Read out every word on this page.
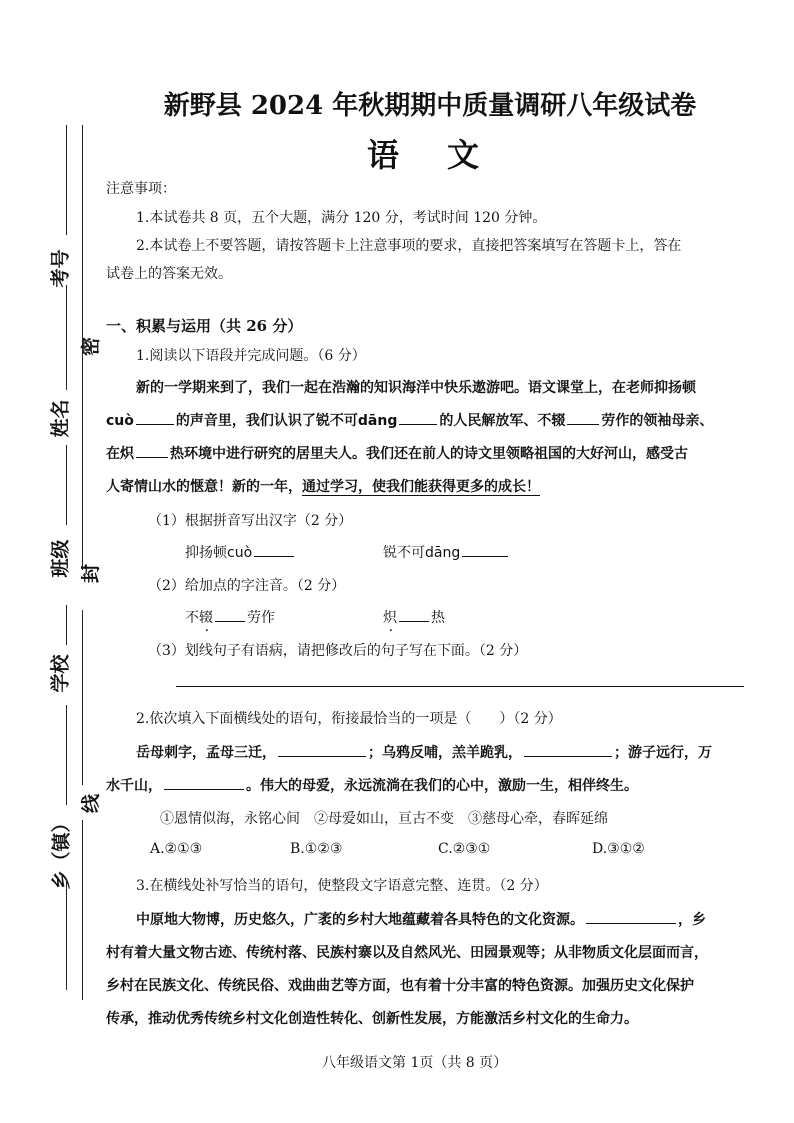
考号
密
姓名
班级 封
学校
线
乡（镇）
新野县 2024 年秋期期中质量调研八年级试卷
语文
注意事项：
1.本试卷共 8 页，五个大题，满分 120 分，考试时间 120 分钟。
2.本试卷上不要答题，请按答题卡上注意事项的要求，直接把答案填写在答题卡上，答在
试卷上的答案无效。
一、积累与运用（共 26 分）
1.阅读以下语段并完成问题。（6 分）
新的一学期来到了，我们一起在浩瀚的知识海洋中快乐遨游吧。语文课堂上，在老师抑扬顿
cuò	的声音里，我们认识了锐不可dāng	的人民解放军、不辍	劳作的领袖母亲、
在炽	热环境中进行研究的居里夫人。我们还在前人的诗文里领略祖国的大好河山，感受古
人寄情山水的惬意！新的一年，通过学习，使我们能获得更多的成长！
（1）根据拼音写出汉字（2 分）
抑扬顿cuò	锐不可dāng
（2）给加点的字注音。（2 分）
不辍 劳作	炽 热
（3）划线句子有语病，请把修改后的句子写在下面。（2 分）
2.依次填入下面横线处的语句，衔接最恰当的一项是（　　）（2 分）
岳母刺字，孟母三迁，	；乌鸦反哺，羔羊跪乳，	；游子远行，万
水千山，	。伟大的母爱，永远流淌在我们的心中，激励一生，相伴终生。
①恩情似海，永铭心间　②母爱如山，亘古不变　③慈母心牵，春晖延绵
A.②①③	B.①②③	C.②③①	D.③①②
3.在横线处补写恰当的语句，使整段文字语意完整、连贯。（2 分）
中原地大物博，历史悠久，广袤的乡村大地蕴藏着各具特色的文化资源。	，乡
村有着大量文物古迹、传统村落、民族村寨以及自然风光、田园景观等；从非物质文化层面而言，
乡村在民族文化、传统民俗、戏曲曲艺等方面，也有着十分丰富的特色资源。加强历史文化保护
传承，推动优秀传统乡村文化创造性转化、创新性发展，方能激活乡村文化的生命力。
八年级语文第 1页（共 8 页）
